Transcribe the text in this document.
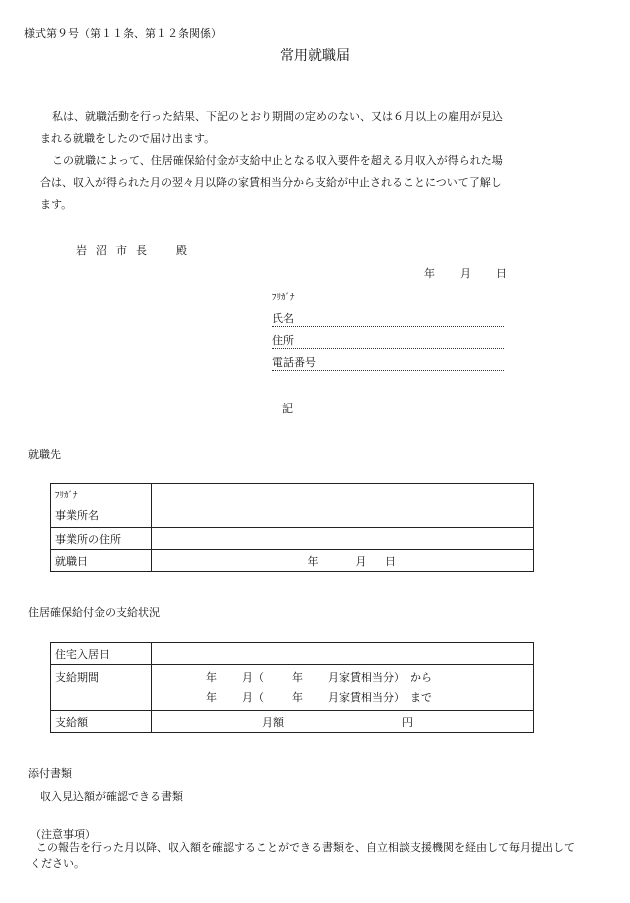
様式第９号（第１１条、第１２条関係）
常用就職届
私は、就職活動を行った結果、下記のとおり期間の定めのない、又は６月以上の雇用が見込
まれる就職をしたので届け出ます。
この就職によって、住居確保給付金が支給中止となる収入要件を超える月収入が得られた場
合は、収入が得られた月の翌々月以降の家賃相当分から支給が中止されることについて了解し
ます。
岩沼市長　殿
年 月 日
ﾌﾘｶﾞﾅ
氏名
住所
電話番号
記
就職先
ﾌﾘｶﾞﾅ
事業所名	
事業所の住所	
就職日	年 月 日
住居確保給付金の支給状況
住宅入居日	
支給期間	年 月（ 年 月家賃相当分） から
年 月（ 年 月家賃相当分） まで

支給額	月額 円
添付書類
収入見込額が確認できる書類
（注意事項）
この報告を行った月以降、収入額を確認することができる書類を、自立相談支援機関を経由して毎月提出して
ください。
